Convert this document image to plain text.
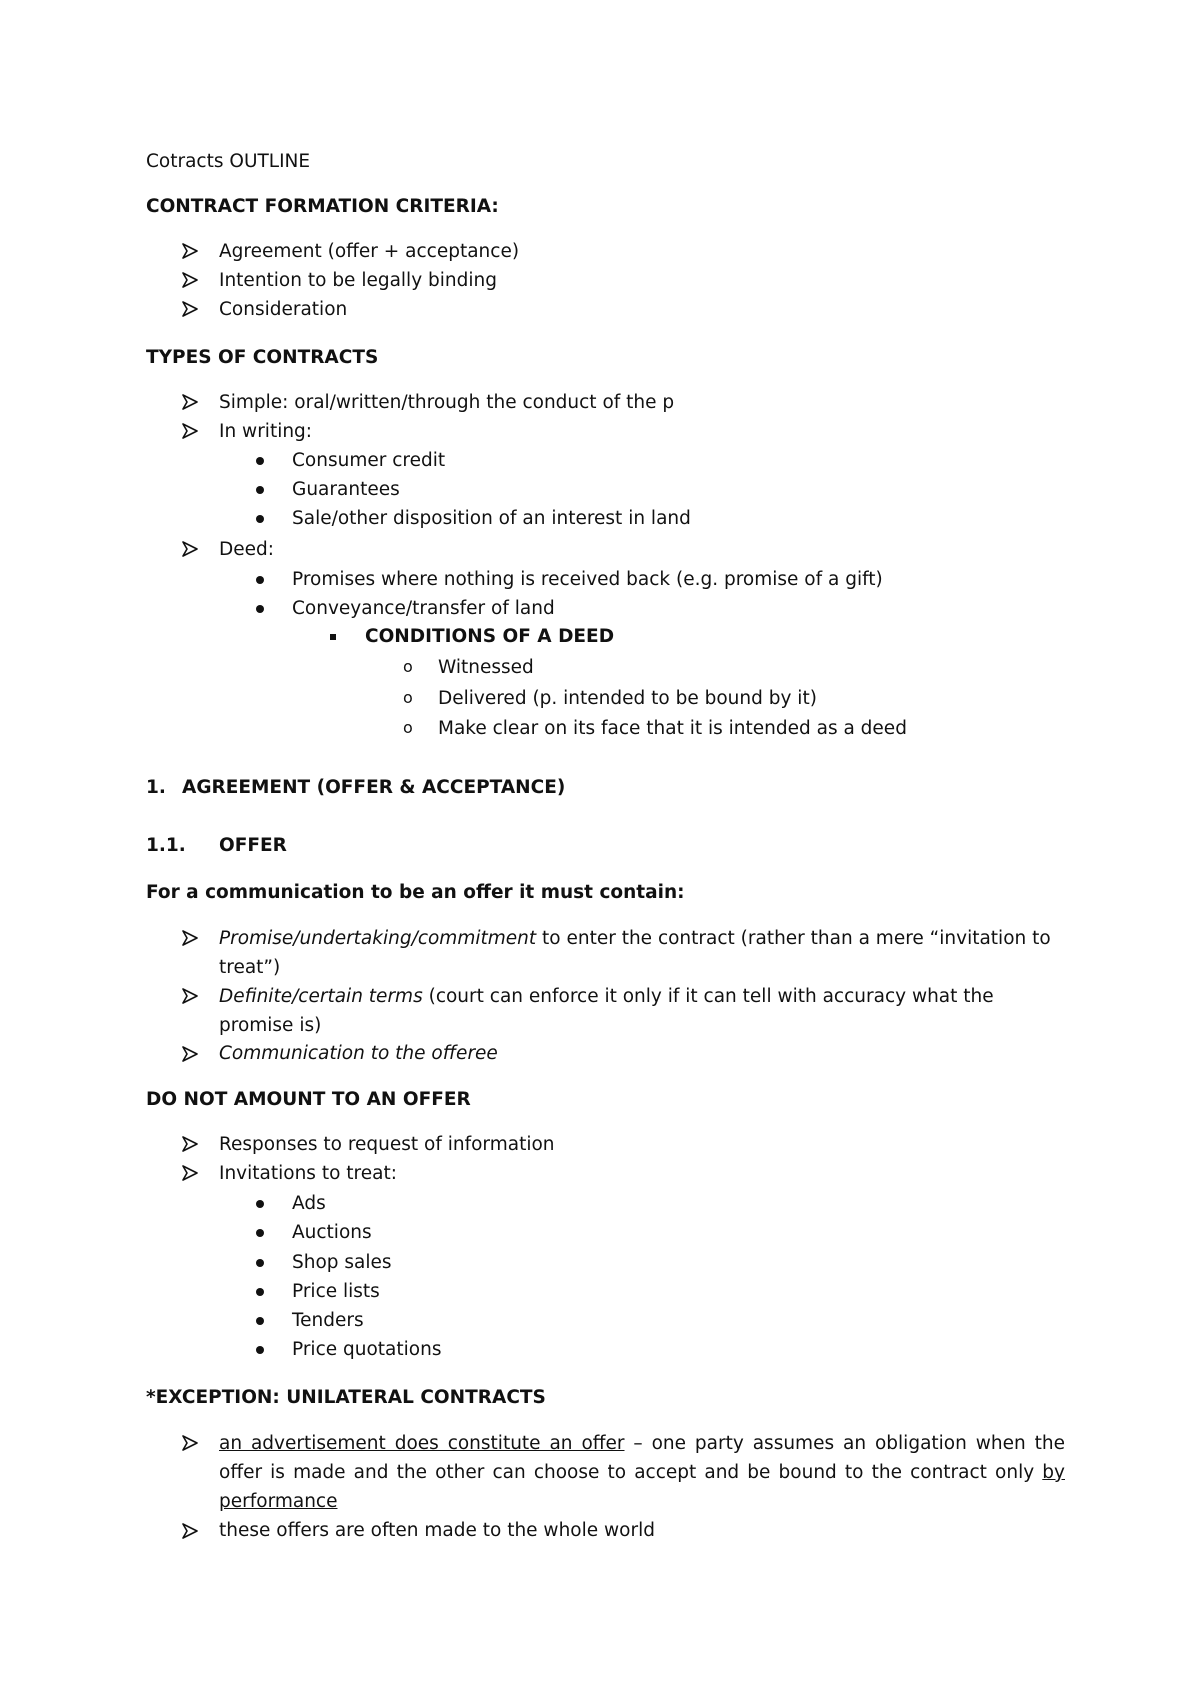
Cotracts OUTLINE
CONTRACT FORMATION CRITERIA:
Agreement (offer + acceptance)
Intention to be legally binding
Consideration
TYPES OF CONTRACTS
Simple: oral/written/through the conduct of the p
In writing:
Consumer credit
Guarantees
Sale/other disposition of an interest in land
Deed:
Promises where nothing is received back (e.g. promise of a gift)
Conveyance/transfer of land
CONDITIONS OF A DEED
o Witnessed
o Delivered (p. intended to be bound by it)
o Make clear on its face that it is intended as a deed
1. AGREEMENT (OFFER & ACCEPTANCE)
1.1. OFFER
For a communication to be an offer it must contain:
Promise/undertaking/commitment to enter the contract (rather than a mere “invitation to treat”)
Definite/certain terms (court can enforce it only if it can tell with accuracy what the promise is)
Communication to the offeree
DO NOT AMOUNT TO AN OFFER
Responses to request of information
Invitations to treat:
Ads
Auctions
Shop sales
Price lists
Tenders
Price quotations
*EXCEPTION: UNILATERAL CONTRACTS
an advertisement does constitute an offer – one party assumes an obligation when the offer is made and the other can choose to accept and be bound to the contract only by performance
these offers are often made to the whole world
